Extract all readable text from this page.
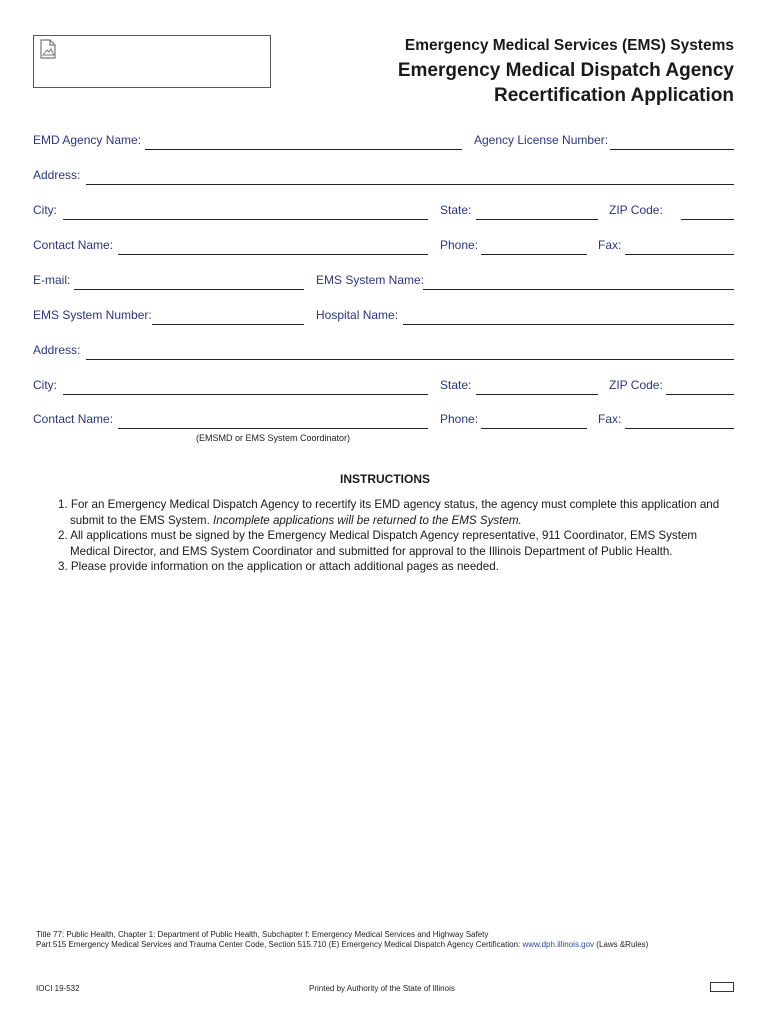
Emergency Medical Services (EMS) Systems
Emergency Medical Dispatch Agency
Recertification Application
EMD Agency Name:	Agency License Number:
Address:
City:	State:	ZIP Code:
Contact Name:	Phone:	Fax:
E-mail:	EMS System Name:
EMS System Number:	Hospital Name:
Address:
City:	State:	ZIP Code:
Contact Name:	Phone:	Fax:
(EMSMD or EMS System Coordinator)
INSTRUCTIONS
1. For an Emergency Medical Dispatch Agency to recertify its EMD agency status, the agency must complete this application and submit to the EMS System. Incomplete applications will be returned to the EMS System.
2. All applications must be signed by the Emergency Medical Dispatch Agency representative, 911 Coordinator, EMS System Medical Director, and EMS System Coordinator and submitted for approval to the Illinois Department of Public Health.
3. Please provide information on the application or attach additional pages as needed.
Title 77: Public Health, Chapter 1: Department of Public Health, Subchapter f: Emergency Medical Services and Highway Safety
Part 515 Emergency Medical Services and Trauma Center Code, Section 515.710 (E) Emergency Medical Dispatch Agency Certification: www.dph.illinois.gov (Laws &Rules)
IOCI 19-532	Printed by Authority of the State of Illinois
